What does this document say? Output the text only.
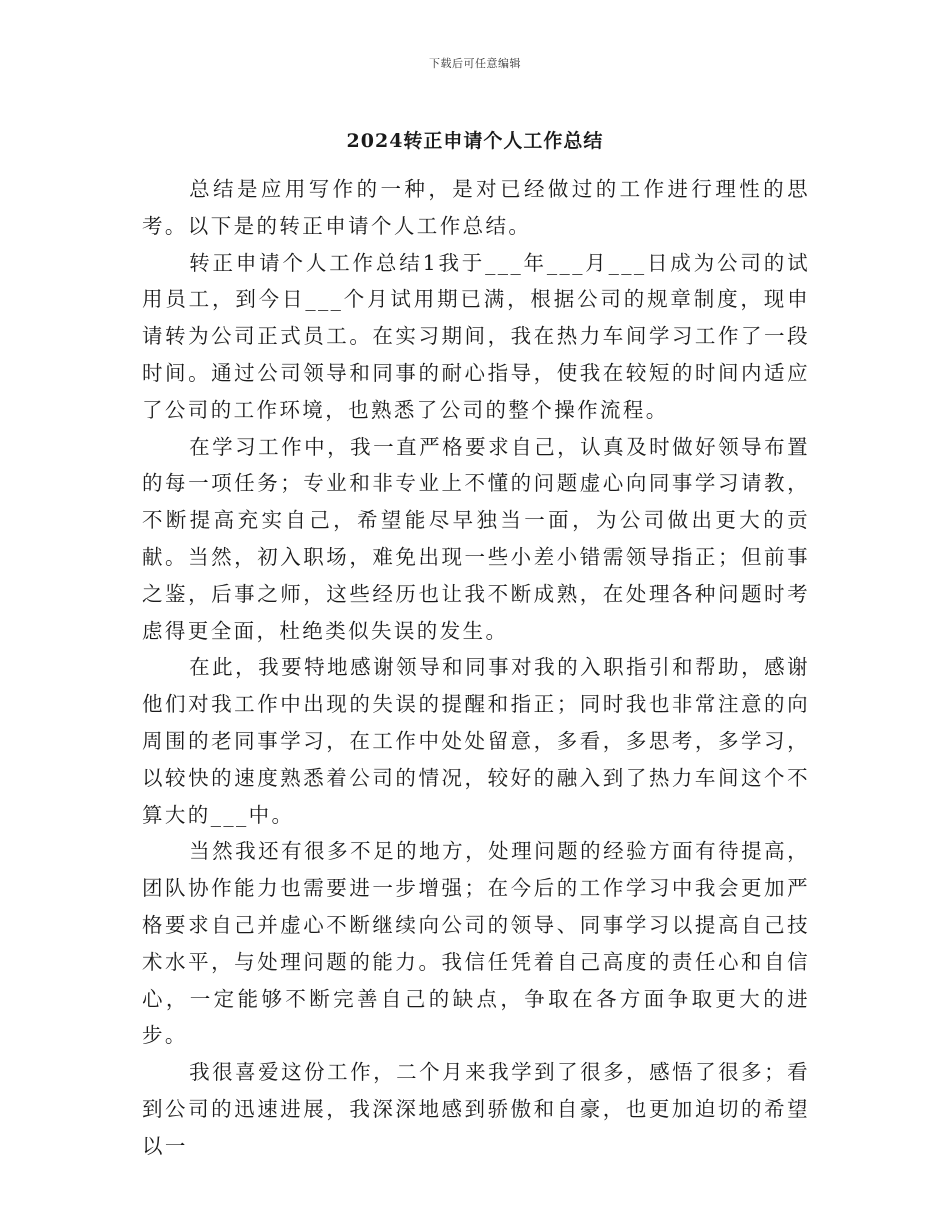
下载后可任意编辑
2024转正申请个人工作总结

总结是应用写作的一种，是对已经做过的工作进行理性的思考。以下是的转正申请个人工作总结。

转正申请个人工作总结1我于___年___月___日成为公司的试用员工，到今日___个月试用期已满，根据公司的规章制度，现申请转为公司正式员工。在实习期间，我在热力车间学习工作了一段时间。通过公司领导和同事的耐心指导，使我在较短的时间内适应了公司的工作环境，也熟悉了公司的整个操作流程。

在学习工作中，我一直严格要求自己，认真及时做好领导布置的每一项任务；专业和非专业上不懂的问题虚心向同事学习请教，不断提高充实自己，希望能尽早独当一面，为公司做出更大的贡献。当然，初入职场，难免出现一些小差小错需领导指正；但前事之鉴，后事之师，这些经历也让我不断成熟，在处理各种问题时考虑得更全面，杜绝类似失误的发生。

在此，我要特地感谢领导和同事对我的入职指引和帮助，感谢他们对我工作中出现的失误的提醒和指正；同时我也非常注意的向周围的老同事学习，在工作中处处留意，多看，多思考，多学习，以较快的速度熟悉着公司的情况，较好的融入到了热力车间这个不算大的___中。

当然我还有很多不足的地方，处理问题的经验方面有待提高，团队协作能力也需要进一步增强；在今后的工作学习中我会更加严格要求自己并虚心不断继续向公司的领导、同事学习以提高自己技术水平，与处理问题的能力。我信任凭着自己高度的责任心和自信心，一定能够不断完善自己的缺点，争取在各方面争取更大的进步。

我很喜爱这份工作，二个月来我学到了很多，感悟了很多；看到公司的迅速进展，我深深地感到骄傲和自豪，也更加迫切的希望以一
